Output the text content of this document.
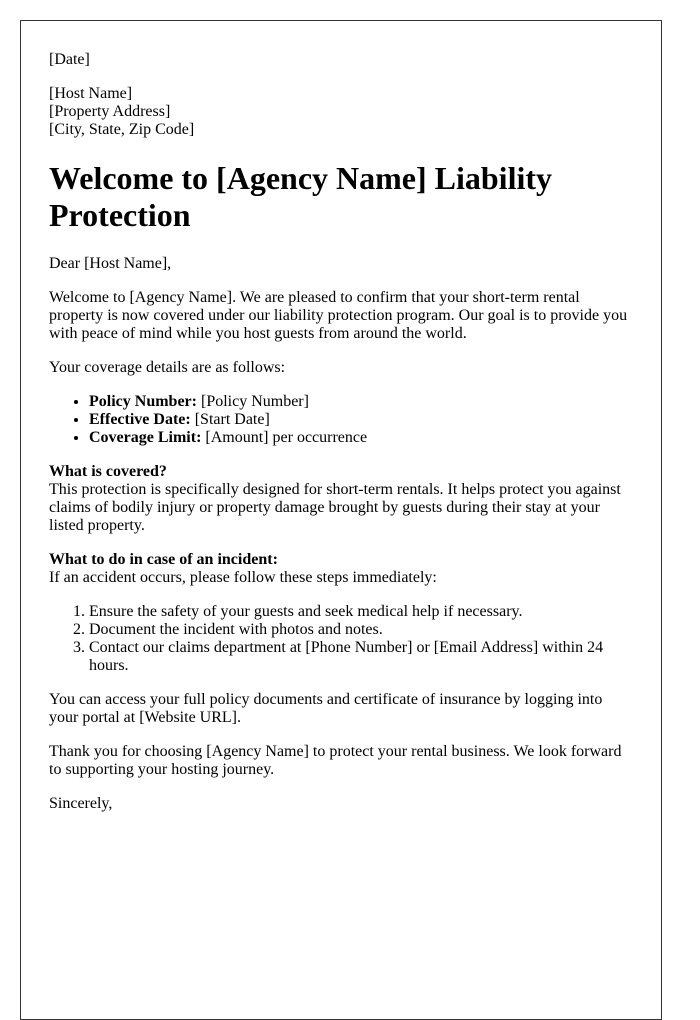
[Date]

[Host Name]
[Property Address]
[City, State, Zip Code]

Welcome to [Agency Name] Liability Protection

Dear [Host Name],

Welcome to [Agency Name]. We are pleased to confirm that your short-term rental property is now covered under our liability protection program. Our goal is to provide you with peace of mind while you host guests from around the world.

Your coverage details are as follows:

• Policy Number: [Policy Number]
• Effective Date: [Start Date]
• Coverage Limit: [Amount] per occurrence

What is covered?
This protection is specifically designed for short-term rentals. It helps protect you against claims of bodily injury or property damage brought by guests during their stay at your listed property.

What to do in case of an incident:
If an accident occurs, please follow these steps immediately:

1. Ensure the safety of your guests and seek medical help if necessary.
2. Document the incident with photos and notes.
3. Contact our claims department at [Phone Number] or [Email Address] within 24 hours.

You can access your full policy documents and certificate of insurance by logging into your portal at [Website URL].

Thank you for choosing [Agency Name] to protect your rental business. We look forward to supporting your hosting journey.

Sincerely,
